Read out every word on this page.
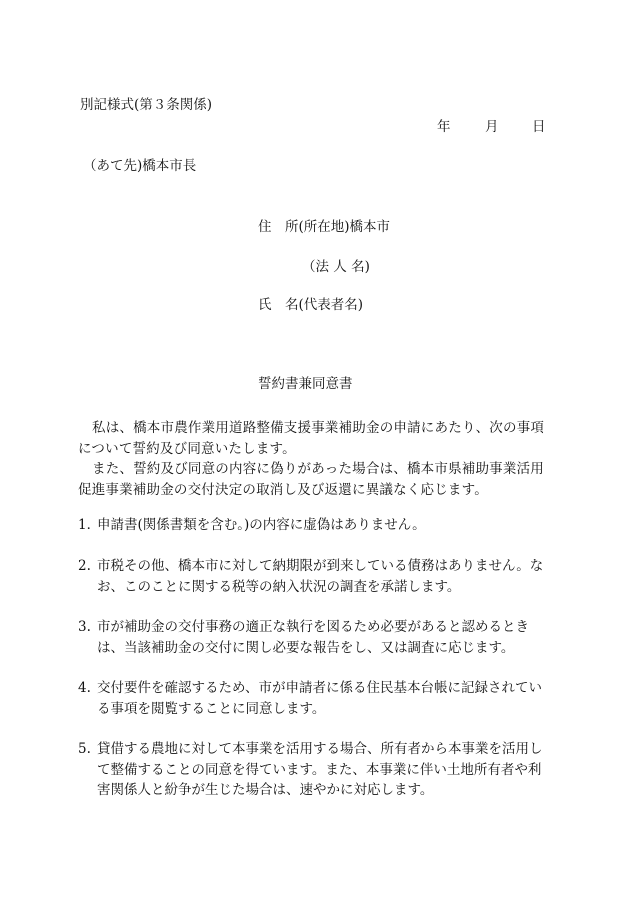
別記様式(第３条関係)
年	月 日
（あて先)橋本市長
住　所(所在地)橋本市
（法 人 名)
氏　名(代表者名)
誓約書兼同意書
私は、橋本市農作業用道路整備支援事業補助金の申請にあたり、次の事項について誓約及び同意いたします。
また、誓約及び同意の内容に偽りがあった場合は、橋本市県補助事業活用促進事業補助金の交付決定の取消し及び返還に異議なく応じます。
1．
申請書(関係書類を含む。)の内容に虚偽はありません。
2. 市税その他、橋本市に対して納期限が到来している債務はありません。なお、このことに関する税等の納入状況の調査を承諾します。
3. 市が補助金の交付事務の適正な執行を図るため必要があると認めるときは、当該補助金の交付に関し必要な報告をし、又は調査に応じます。
4. 交付要件を確認するため、市が申請者に係る住民基本台帳に記録されている事項を閲覧することに同意します。
5. 貸借する農地に対して本事業を活用する場合、所有者から本事業を活用して整備することの同意を得ています。また、本事業に伴い土地所有者や利害関係人と紛争が生じた場合は、速やかに対応します。
